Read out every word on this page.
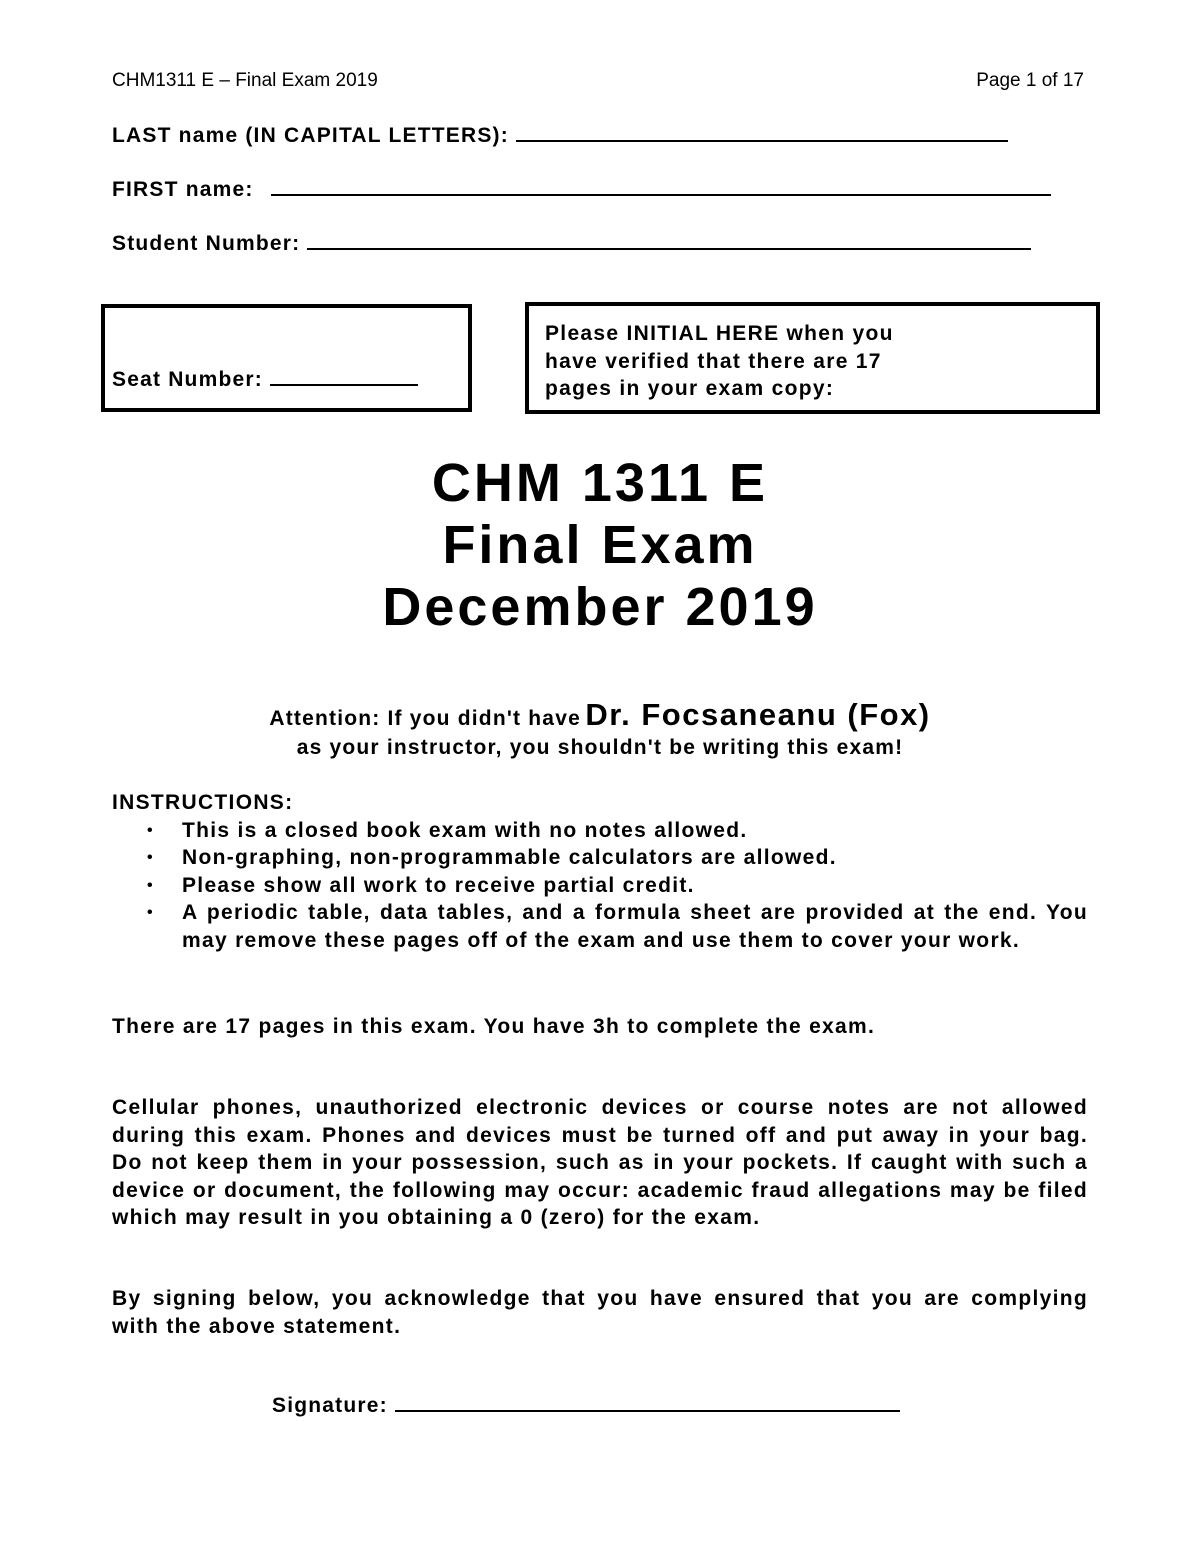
CHM1311 E – Final Exam 2019	Page 1 of 17
LAST name (IN CAPITAL LETTERS):
FIRST name:
Student Number:
Seat Number:
Please INITIAL HERE when you
have verified that there are 17
pages in your exam copy:
CHM 1311 E
Final Exam
December 2019
Attention: If you didn't have Dr. Focsaneanu (Fox)
as your instructor, you shouldn't be writing this exam!
INSTRUCTIONS:
• This is a closed book exam with no notes allowed.
• Non-graphing, non-programmable calculators are allowed.
• Please show all work to receive partial credit.
• A periodic table, data tables, and a formula sheet are provided at the end. You may remove these pages off of the exam and use them to cover your work.
There are 17 pages in this exam. You have 3h to complete the exam.
Cellular phones, unauthorized electronic devices or course notes are not allowed during this exam. Phones and devices must be turned off and put away in your bag. Do not keep them in your possession, such as in your pockets. If caught with such a device or document, the following may occur: academic fraud allegations may be filed which may result in you obtaining a 0 (zero) for the exam.
By signing below, you acknowledge that you have ensured that you are complying with the above statement.
Signature:
